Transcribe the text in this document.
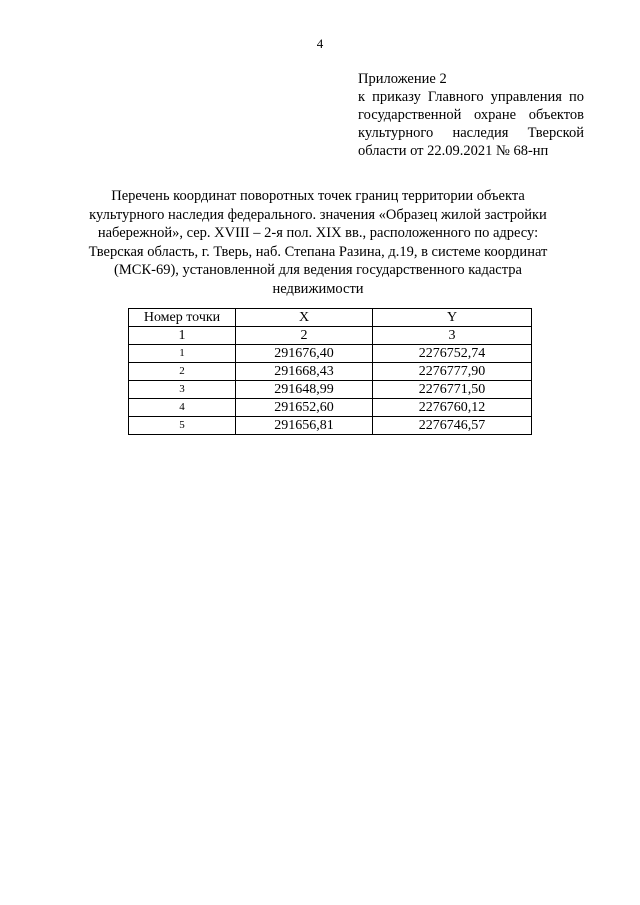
4
Приложение 2
к приказу Главного управления по
государственной охране объектов
культурного наследия Тверской
области от 22.09.2021 № 68-нп
Перечень координат поворотных точек границ территории объекта
культурного наследия федерального. значения «Образец жилой застройки
набережной», сер. XVIII – 2-я пол. XIX вв., расположенного по адресу:
Тверская область, г. Тверь, наб. Степана Разина, д.19, в системе координат
(МСК-69), установленной для ведения государственного кадастра
недвижимости
Номер точки	X	Y
1	2	3
1	291676,40	2276752,74
2	291668,43	2276777,90
3	291648,99	2276771,50
4	291652,60	2276760,12
5	291656,81	2276746,57
